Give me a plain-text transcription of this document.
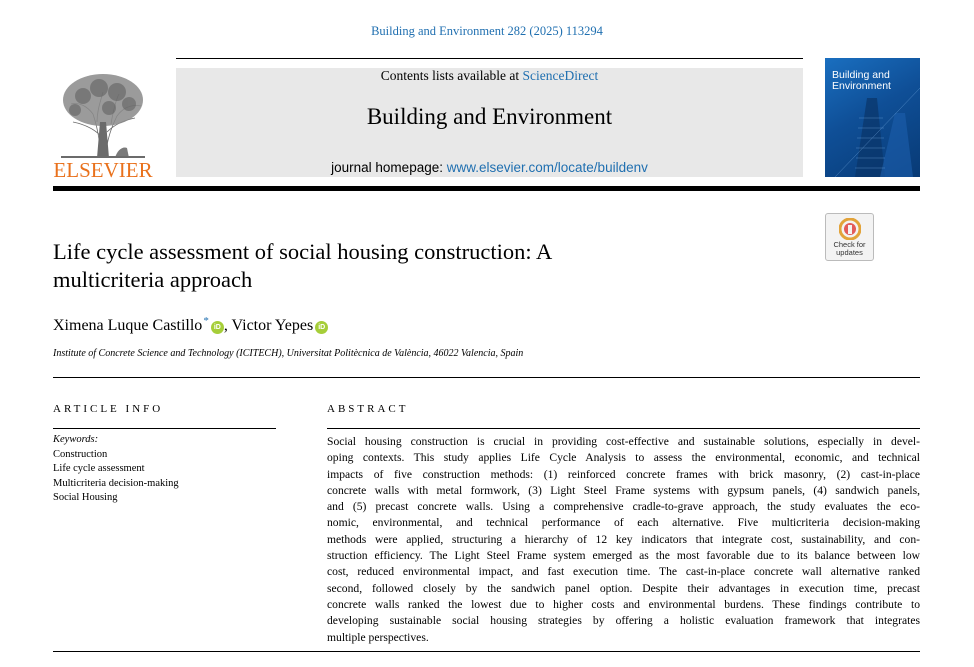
Building and Environment 282 (2025) 113294
ELSEVIER
Contents lists available at ScienceDirect
Building and Environment
journal homepage: www.elsevier.com/locate/buildenv
Building and Environment
Check for updates
Life cycle assessment of social housing construction: A
multicriteria approach
Ximena Luque Castillo*iD , Victor Yepes iD
Institute of Concrete Science and Technology (ICITECH), Universitat Politècnica de València, 46022 Valencia, Spain
ARTICLE INFO
Keywords:
Construction
Life cycle assessment
Multicriteria decision-making
Social Housing
ABSTRACT
Social housing construction is crucial in providing cost-effective and sustainable solutions, especially in devel-
oping contexts. This study applies Life Cycle Analysis to assess the environmental, economic, and technical
impacts of five construction methods: (1) reinforced concrete frames with brick masonry, (2) cast-in-place
concrete walls with metal formwork, (3) Light Steel Frame systems with gypsum panels, (4) sandwich panels,
and (5) precast concrete walls. Using a comprehensive cradle-to-grave approach, the study evaluates the eco-
nomic, environmental, and technical performance of each alternative. Five multicriteria decision-making
methods were applied, structuring a hierarchy of 12 key indicators that integrate cost, sustainability, and con-
struction efficiency. The Light Steel Frame system emerged as the most favorable due to its balance between low
cost, reduced environmental impact, and fast execution time. The cast-in-place concrete wall alternative ranked
second, followed closely by the sandwich panel option. Despite their advantages in execution time, precast
concrete walls ranked the lowest due to higher costs and environmental burdens. These findings contribute to
developing sustainable social housing strategies by offering a holistic evaluation framework that integrates
multiple perspectives.
